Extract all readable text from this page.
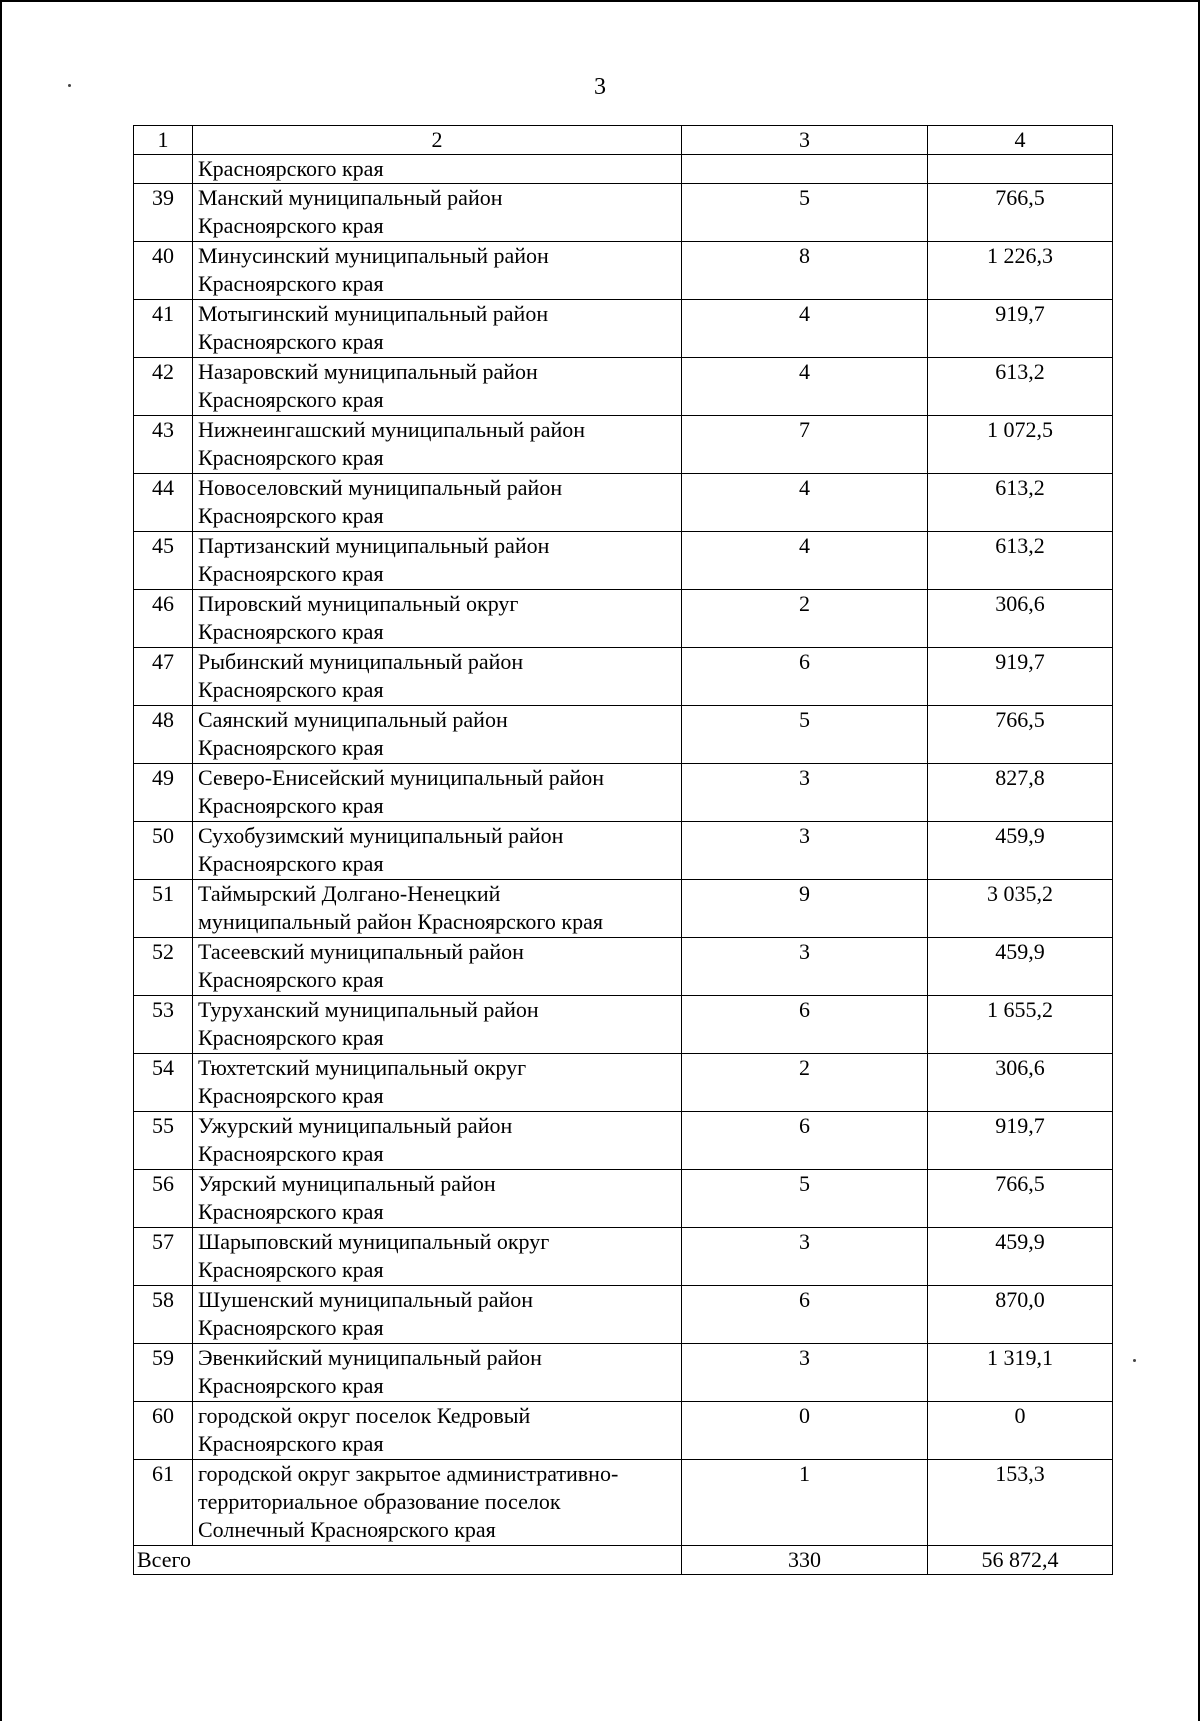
3
1	2	3	4

	Красноярского края		

39	Манский муниципальный район
Красноярского края	5	766,5
40	Минусинский муниципальный район
Красноярского края	8	1 226,3
41	Мотыгинский муниципальный район
Красноярского края	4	919,7
42	Назаровский муниципальный район
Красноярского края	4	613,2
43	Нижнеингашский муниципальный район
Красноярского края	7	1 072,5
44	Новоселовский муниципальный район
Красноярского края	4	613,2
45	Партизанский муниципальный район
Красноярского края	4	613,2
46	Пировский муниципальный округ
Красноярского края	2	306,6
47	Рыбинский муниципальный район
Красноярского края	6	919,7
48	Саянский муниципальный район
Красноярского края	5	766,5
49	Северо-Енисейский муниципальный район
Красноярского края	3	827,8
50	Сухобузимский муниципальный район
Красноярского края	3	459,9
51	Таймырский Долгано-Ненецкий
муниципальный район Красноярского края	9	3 035,2
52	Тасеевский муниципальный район
Красноярского края	3	459,9
53	Туруханский муниципальный район
Красноярского края	6	1 655,2
54	Тюхтетский муниципальный округ
Красноярского края	2	306,6
55	Ужурский муниципальный район
Красноярского края	6	919,7
56	Уярский муниципальный район
Красноярского края	5	766,5
57	Шарыповский муниципальный округ
Красноярского края	3	459,9
58	Шушенский муниципальный район
Красноярского края	6	870,0
59	Эвенкийский муниципальный район
Красноярского края	3	1 319,1
60	городской округ поселок Кедровый
Красноярского края	0	0
61	городской округ закрытое административно-
территориальное образование поселок
Солнечный Красноярского края	1	153,3
Всего		330	56 872,4
